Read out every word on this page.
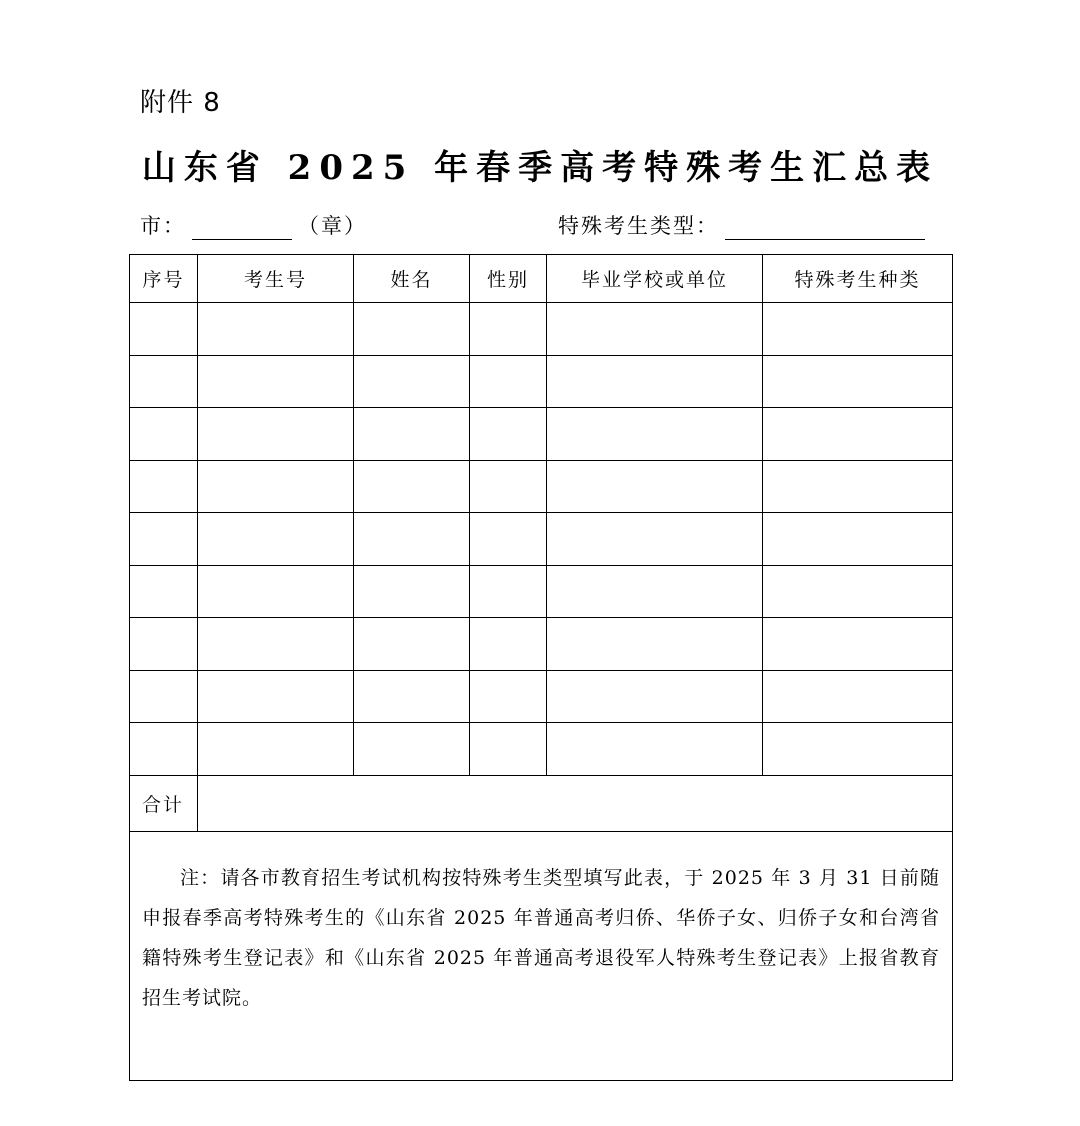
附件 8
山东省 2025 年春季高考特殊考生汇总表
市：	（章）	特殊考生类型：
序号	考生号	姓名	性别	毕业学校或单位	特殊考生种类

合计					

注：请各市教育招生考试机构按特殊考生类型填写此表，于 2025 年 3 月 31 日前随申报春季高考特殊考生的《山东省 2025 年普通高考归侨、华侨子女、归侨子女和台湾省籍特殊考生登记表》和《山东省 2025 年普通高考退役军人特殊考生登记表》上报省教育招生考试院。					
